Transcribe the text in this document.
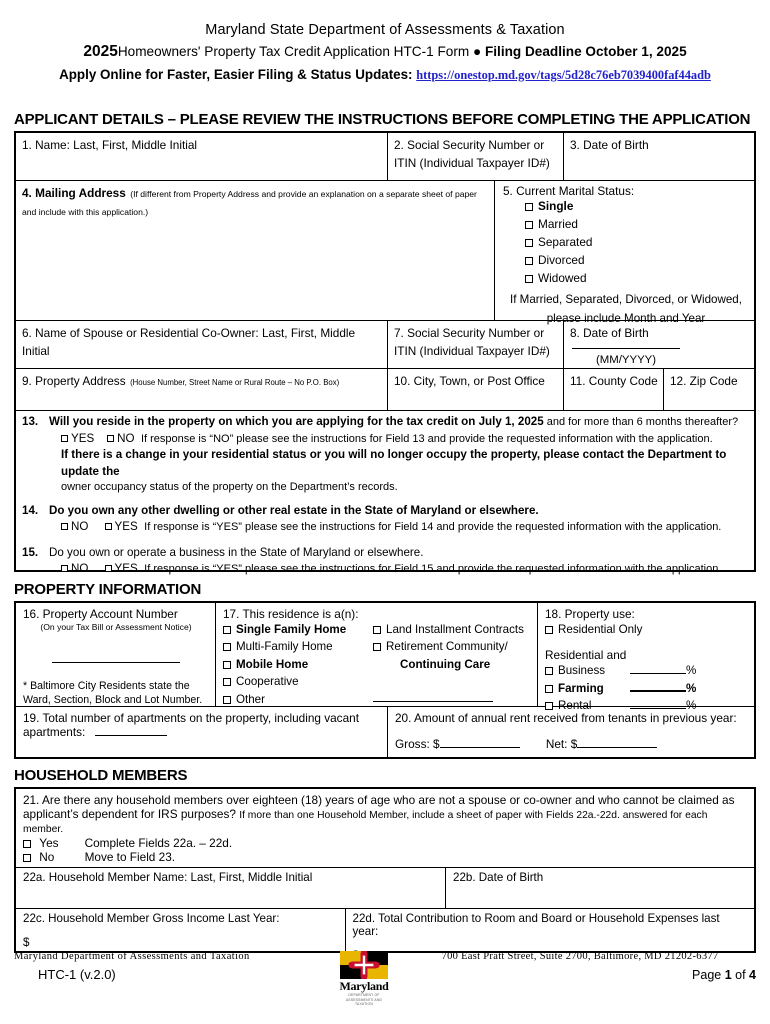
Maryland State Department of Assessments & Taxation
2025Homeowners' Property Tax Credit Application HTC-1 Form ● Filing Deadline October 1, 2025
Apply Online for Faster, Easier Filing & Status Updates: https://onestop.md.gov/tags/5d28c76eb7039400faf44adb
APPLICANT DETAILS – PLEASE REVIEW THE INSTRUCTIONS BEFORE COMPLETING THE APPLICATION
1. Name: Last, First, Middle Initial	2. Social Security Number or
ITIN (Individual Taxpayer ID#)
3. Date of Birth
4. Mailing Address (If different from Property Address and provide an explanation on a separate sheet of paper and include with this application.)
5. Current Marital Status:
Single
Married
Separated
Divorced
Widowed
If Married, Separated, Divorced, or Widowed,
please include Month and Year
(MM/YYYY)
6. Name of Spouse or Residential Co-Owner: Last, First, Middle Initial
7. Social Security Number or
ITIN (Individual Taxpayer ID#)
8. Date of Birth
9. Property Address (House Number, Street Name or Rural Route – No P.O. Box)	10. City, Town, or Post Office	11. County Code	12. Zip Code
13. Will you reside in the property on which you are applying for the tax credit on July 1, 2025 and for more than 6 months thereafter?
YES NO If response is “NO” please see the instructions for Field 13 and provide the requested information with the application.
If there is a change in your residential status or you will no longer occupy the property, please contact the Department to update the
owner occupancy status of the property on the Department’s records.
14. Do you own any other dwelling or other real estate in the State of Maryland or elsewhere.
NO YES If response is “YES” please see the instructions for Field 14 and provide the requested information with the application.
15. Do you own or operate a business in the State of Maryland or elsewhere.
NO YES If response is “YES” please see the instructions for Field 15 and provide the requested information with the application.
PROPERTY INFORMATION
16. Property Account Number
(On your Tax Bill or Assessment Notice)
* Baltimore City Residents state the
Ward, Section, Block and Lot Number.
17. This residence is a(n):
Single Family Home
Multi-Family Home
Mobile Home
Cooperative
Other
Land Installment Contracts
Retirement Community/
Continuing Care
18. Property use:
Residential Only
Residential and
Business	%
Farming	%
Rental	%
19. Total number of apartments on the property, including vacant
apartments:
20. Amount of annual rent received from tenants in previous year:
Gross: $	Net: $
HOUSEHOLD MEMBERS
21. Are there any household members over eighteen (18) years of age who are not a spouse or co-owner and who cannot be claimed as
applicant’s dependent for IRS purposes? If more than one Household Member, include a sheet of paper with Fields 22a.-22d. answered for each member.
Yes Complete Fields 22a. – 22d.
No	Move to Field 23.
22a. Household Member Name: Last, First, Middle Initial	22b. Date of Birth
22c. Household Member Gross Income Last Year:
$
22d. Total Contribution to Room and Board or Household Expenses last year:
Maryland Department of Assessments and Taxation
HTC-1 (v.2.0)
Maryland
DEPARTMENT OF ASSESSMENTS AND TAXATION
700 East Pratt Street, Suite 2700, Baltimore, MD 21202-6377
Page 1 of 4
